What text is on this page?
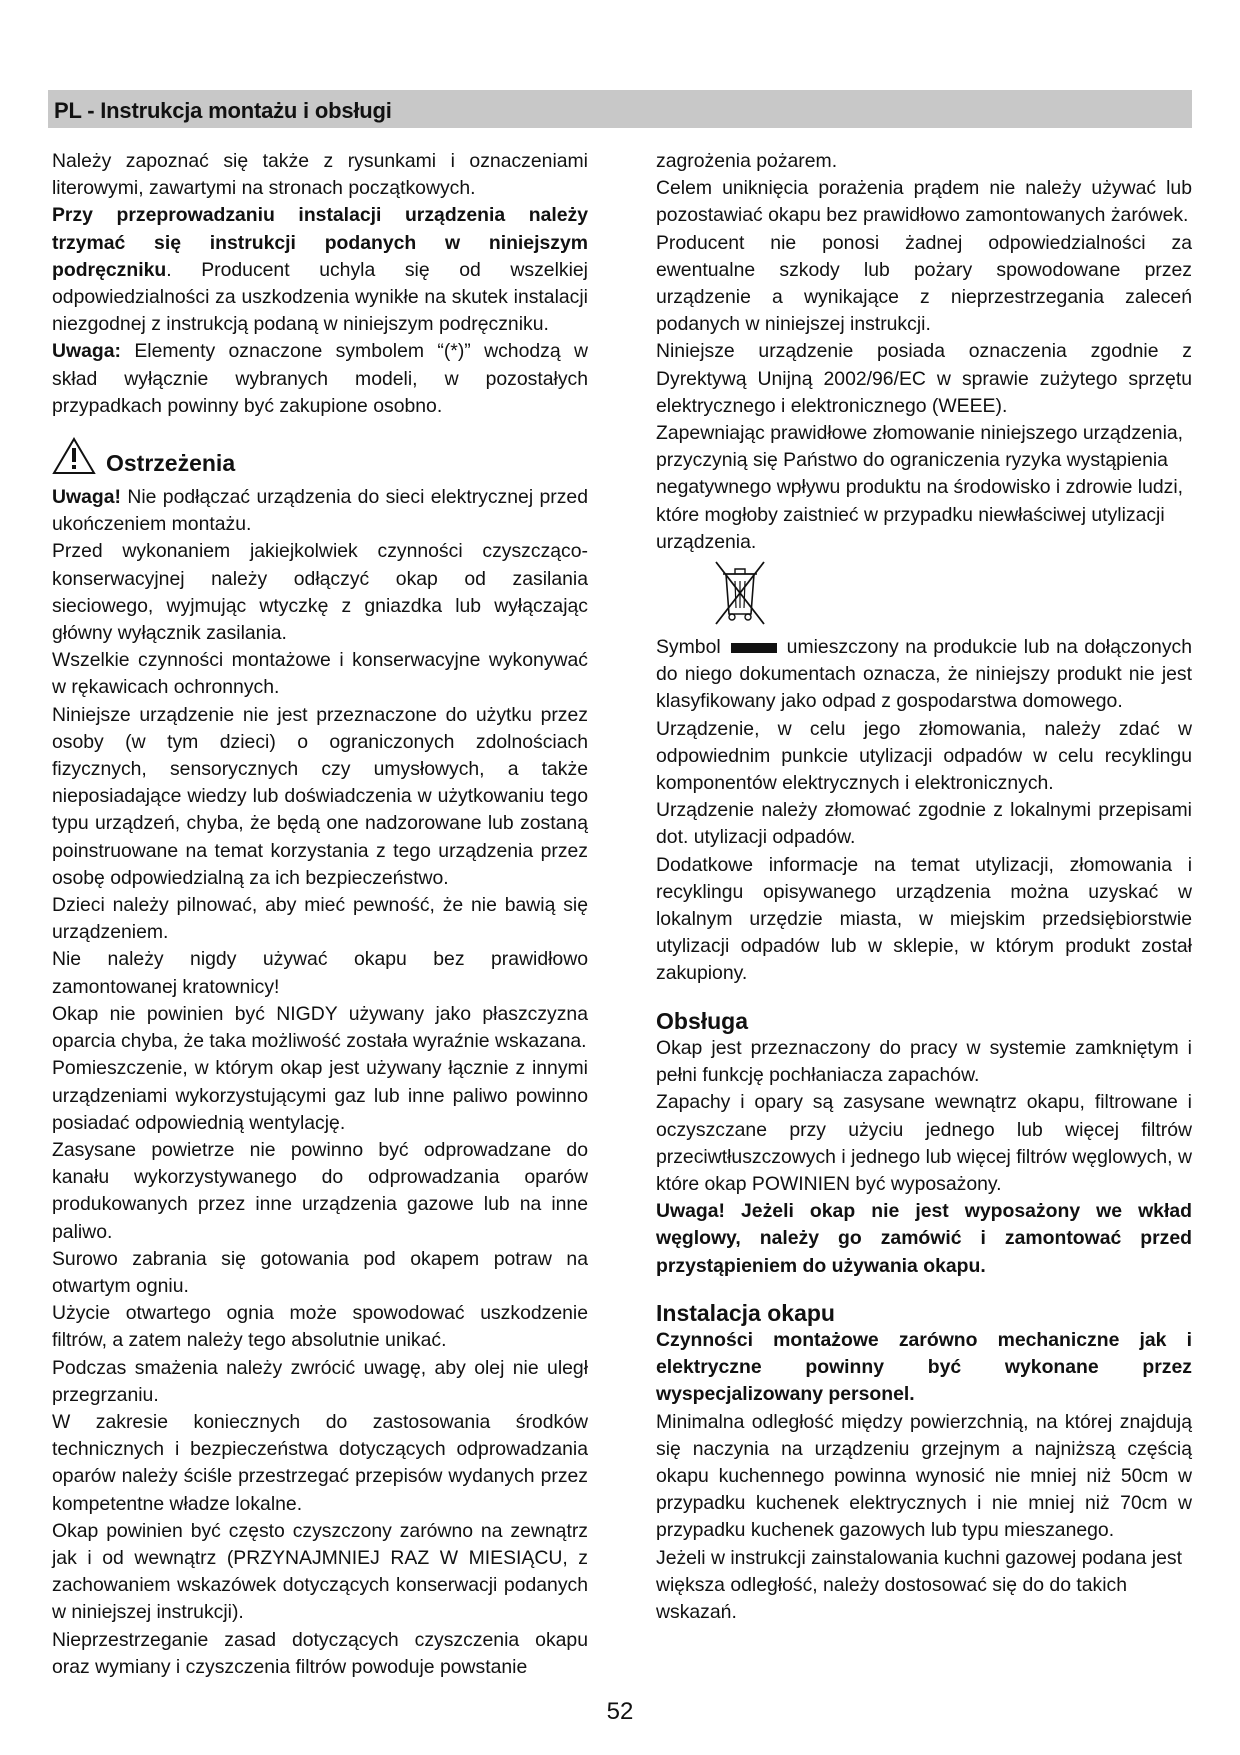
PL - Instrukcja montażu i obsługi

Należy zapoznać się także z rysunkami i oznaczeniami literowymi, zawartymi na stronach początkowych.

Przy przeprowadzaniu instalacji urządzenia należy trzymać się instrukcji podanych w niniejszym podręczniku. Producent uchyla się od wszelkiej odpowiedzialności za uszkodzenia wynikłe na skutek instalacji niezgodnej z instrukcją podaną w niniejszym podręczniku.

Uwaga: Elementy oznaczone symbolem “(*)” wchodzą w skład wyłącznie wybranych modeli, w pozostałych przypadkach powinny być zakupione osobno.

Ostrzeżenia

Uwaga! Nie podłączać urządzenia do sieci elektrycznej przed ukończeniem montażu.

Przed wykonaniem jakiejkolwiek czynności czyszcząco-konserwacyjnej należy odłączyć okap od zasilania sieciowego, wyjmując wtyczkę z gniazdka lub wyłączając główny wyłącznik zasilania.

Wszelkie czynności montażowe i konserwacyjne wykonywać w rękawicach ochronnych.

Niniejsze urządzenie nie jest przeznaczone do użytku przez osoby (w tym dzieci) o ograniczonych zdolnościach fizycznych, sensorycznych czy umysłowych, a także nieposiadające wiedzy lub doświadczenia w użytkowaniu tego typu urządzeń, chyba, że będą one nadzorowane lub zostaną poinstruowane na temat korzystania z tego urządzenia przez osobę odpowiedzialną za ich bezpieczeństwo.

Dzieci należy pilnować, aby mieć pewność, że nie bawią się urządzeniem.

Nie należy nigdy używać okapu bez prawidłowo zamontowanej kratownicy!

Okap nie powinien być NIGDY używany jako płaszczyzna oparcia chyba, że taka możliwość została wyraźnie wskazana.

Pomieszczenie, w którym okap jest używany łącznie z innymi urządzeniami wykorzystującymi gaz lub inne paliwo powinno posiadać odpowiednią wentylację.

Zasysane powietrze nie powinno być odprowadzane do kanału wykorzystywanego do odprowadzania oparów produkowanych przez inne urządzenia gazowe lub na inne paliwo.

Surowo zabrania się gotowania pod okapem potraw na otwartym ogniu.

Użycie otwartego ognia może spowodować uszkodzenie filtrów, a zatem należy tego absolutnie unikać.

Podczas smażenia należy zwrócić uwagę, aby olej nie uległ przegrzaniu.

W zakresie koniecznych do zastosowania środków technicznych i bezpieczeństwa dotyczących odprowadzania oparów należy ściśle przestrzegać przepisów wydanych przez kompetentne władze lokalne.

Okap powinien być często czyszczony zarówno na zewnątrz jak i od wewnątrz (PRZYNAJMNIEJ RAZ W MIESIĄCU, z zachowaniem wskazówek dotyczących konserwacji podanych w niniejszej instrukcji).

Nieprzestrzeganie zasad dotyczących czyszczenia okapu oraz wymiany i czyszczenia filtrów powoduje powstanie

zagrożenia pożarem.

Celem uniknięcia porażenia prądem nie należy używać lub pozostawiać okapu bez prawidłowo zamontowanych żarówek.

Producent nie ponosi żadnej odpowiedzialności za ewentualne szkody lub pożary spowodowane przez urządzenie a wynikające z nieprzestrzegania zaleceń podanych w niniejszej instrukcji.

Niniejsze urządzenie posiada oznaczenia zgodnie z Dyrektywą Unijną 2002/96/EC w sprawie zużytego sprzętu elektrycznego i elektronicznego (WEEE).

Zapewniając prawidłowe złomowanie niniejszego urządzenia, przyczynią się Państwo do ograniczenia ryzyka wystąpienia negatywnego wpływu produktu na środowisko i zdrowie ludzi, które mogłoby zaistnieć w przypadku niewłaściwej utylizacji urządzenia.

Symbol	umieszczony na produkcie lub na dołączonych do niego dokumentach oznacza, że niniejszy produkt nie jest klasyfikowany jako odpad z gospodarstwa domowego.

Urządzenie, w celu jego złomowania, należy zdać w odpowiednim punkcie utylizacji odpadów w celu recyklingu komponentów elektrycznych i elektronicznych.

Urządzenie należy złomować zgodnie z lokalnymi przepisami dot. utylizacji odpadów.

Dodatkowe informacje na temat utylizacji, złomowania i recyklingu opisywanego urządzenia można uzyskać w lokalnym urzędzie miasta, w miejskim przedsiębiorstwie utylizacji odpadów lub w sklepie, w którym produkt został zakupiony.

Obsługa

Okap jest przeznaczony do pracy w systemie zamkniętym i pełni funkcję pochłaniacza zapachów.

Zapachy i opary są zasysane wewnątrz okapu, filtrowane i oczyszczane przy użyciu jednego lub więcej filtrów przeciwtłuszczowych i jednego lub więcej filtrów węglowych, w które okap POWINIEN być wyposażony.

Uwaga! Jeżeli okap nie jest wyposażony we wkład węglowy, należy go zamówić i zamontować przed przystąpieniem do używania okapu.

Instalacja okapu

Czynności montażowe zarówno mechaniczne jak i elektryczne powinny być wykonane przez wyspecjalizowany personel.

Minimalna odległość między powierzchnią, na której znajdują się naczynia na urządzeniu grzejnym a najniższą częścią okapu kuchennego powinna wynosić nie mniej niż 50cm w przypadku kuchenek elektrycznych i nie mniej niż 70cm w przypadku kuchenek gazowych lub typu mieszanego.

Jeżeli w instrukcji zainstalowania kuchni gazowej podana jest większa odległość, należy dostosować się do do takich wskazań.

52
